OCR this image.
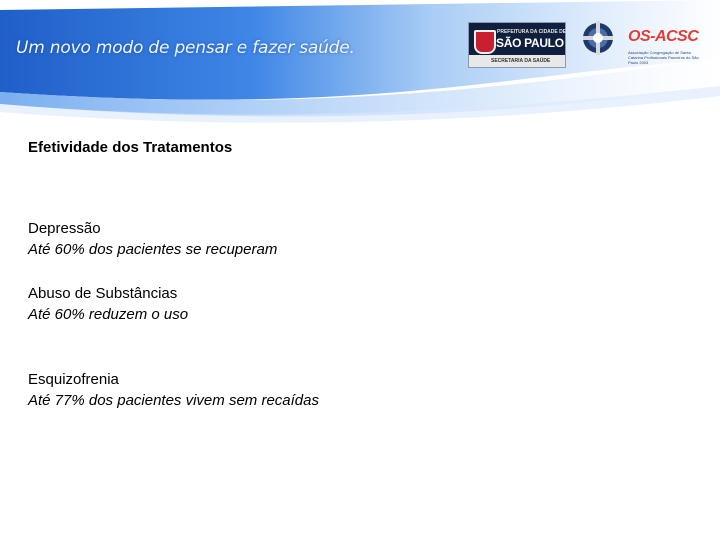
Um novo modo de pensar e fazer saúde.
PREFEITURA DA CIDADE DE
SÃO PAULO
SECRETARIA DA SAÚDE
OS-ACSC
Associação Congregação de Santa Catarina Profissionais Parceiros do São Paulo 2003
Efetividade dos Tratamentos
Depressão
Até 60% dos pacientes se recuperam
Abuso de Substâncias
Até 60% reduzem o uso
Esquizofrenia
Até 77% dos pacientes vivem sem recaídas
